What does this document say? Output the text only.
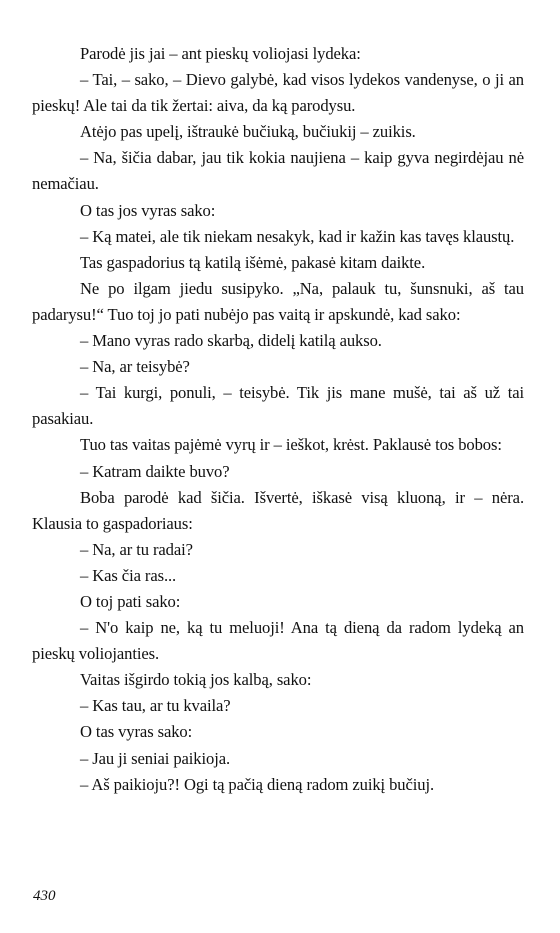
Parodė jis jai – ant pieskų voliojasi lydeka:

– Tai, – sako, – Dievo galybė, kad visos lydekos vandenyse, o ji an pieskų! Ale tai da tik žertai: aiva, da ką parodysu.

Atėjo pas upelį, ištraukė bučiuką, bučiukij – zuikis.

– Na, šičia dabar, jau tik kokia naujiena – kaip gyva negirdėjau nė nemačiau.

O tas jos vyras sako:

– Ką matei, ale tik niekam nesakyk, kad ir kažin kas tavęs klaustų.

Tas gaspadorius tą katilą išėmė, pakasė kitam daikte.

Ne po ilgam jiedu susipyko. „Na, palauk tu, šunsnuki, aš tau padarysu!“ Tuo toj jo pati nubėjo pas vaitą ir apskundė, kad sako:

– Mano vyras rado skarbą, didelį katilą aukso.

– Na, ar teisybė?

– Tai kurgi, ponuli, – teisybė. Tik jis mane mušė, tai aš už tai pasakiau.

Tuo tas vaitas pajėmė vyrų ir – ieškot, krėst. Paklausė tos bobos:

– Katram daikte buvo?

Boba parodė kad šičia. Išvertė, iškasė visą kluoną, ir – nėra. Klausia to gaspadoriaus:

– Na, ar tu radai?

– Kas čia ras...

O toj pati sako:

– N'o kaip ne, ką tu meluoji! Ana tą dieną da radom lydeką an pieskų voliojanties.

Vaitas išgirdo tokią jos kalbą, sako:

– Kas tau, ar tu kvaila?

O tas vyras sako:

– Jau ji seniai paikioja.

– Aš paikioju?! Ogi tą pačią dieną radom zuikį bučiuj.

430
